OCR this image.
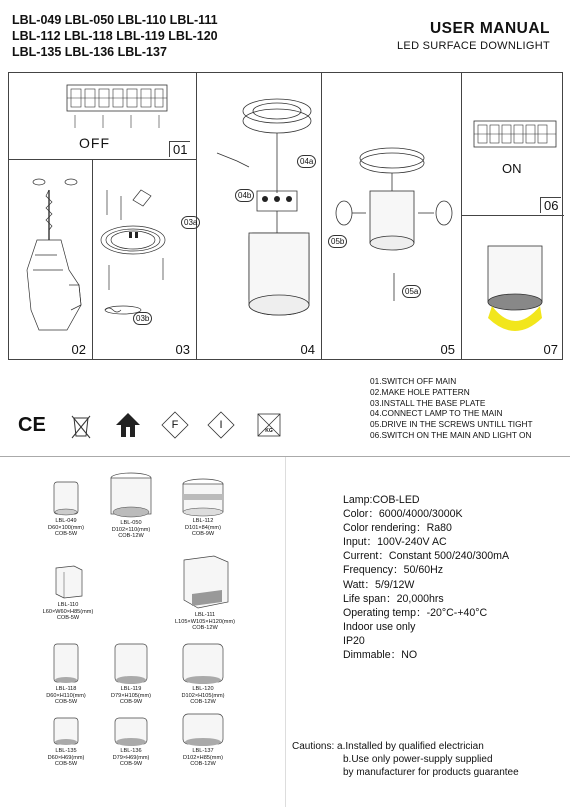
LBL-049 LBL-050 LBL-110 LBL-111
LBL-112 LBL-118 LBL-119 LBL-120
LBL-135 LBL-136 LBL-137
USER MANUAL
LED SURFACE DOWNLIGHT
OFF	01
02
03a
03b
03
04a
04b
04
05b
05a
05
ON
06
07
01.SWITCH OFF MAIN
02.MAKE HOLE PATTERN
03.INSTALL THE BASE PLATE
04.CONNECT LAMP TO THE MAIN
05.DRIVE IN THE SCREWS UNTILL TIGHT
06.SWITCH ON THE MAIN AND LIGHT ON
CE	F	I	KG
LBL-049
D60×100(mm)
COB-5W
LBL-050
D102×110(mm)
COB-12W
LBL-112
D101×84(mm)
COB-9W
LBL-110
L60×W60×H85(mm)
COB-5W
LBL-111
L105×W105×H120(mm)
COB-12W
LBL-118
D60×H110(mm)
COB-5W
LBL-119
D79×H105(mm)
COB-9W
LBL-120
D102×H105(mm)
COB-12W
LBL-135
D60×H69(mm)
COB-5W
LBL-136
D79×H69(mm)
COB-9W
LBL-137
D102×H85(mm)
COB-12W
Lamp:COB-LED
Color：6000/4000/3000K
Color rendering：Ra80
Input：100V-240V AC
Current：Constant 500/240/300mA
Frequency：50/60Hz
Watt：5/9/12W
Life span：20,000hrs
Operating temp：-20°C-+40°C
Indoor use only
IP20
Dimmable：NO
Cautions: a.Installed by qualified electrician
b.Use only power-supply supplied
by manufacturer for products guarantee
